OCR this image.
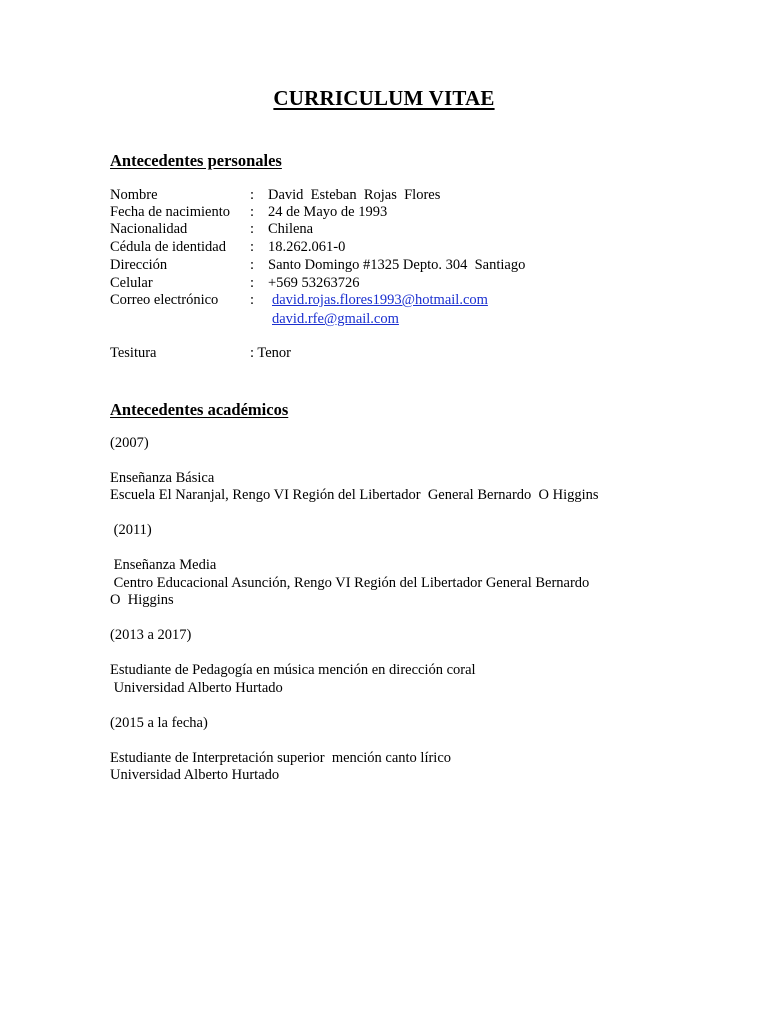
CURRICULUM VITAE
Antecedentes personales
Nombre	: David  Esteban  Rojas  Flores
Fecha de nacimiento : 24 de Mayo de 1993
Nacionalidad	: Chilena
Cédula de identidad : 18.262.061-0
Dirección	: Santo Domingo #1325 Depto. 304  Santiago
Celular	: +569 53263726
Correo electrónico : david.rojas.flores1993@hotmail.com
david.rfe@gmail.com
Tesitura	: Tenor
Antecedentes académicos
(2007)
Enseñanza Básica
Escuela El Naranjal, Rengo VI Región del Libertador  General Bernardo  O Higgins
(2011)
Enseñanza Media
Centro Educacional Asunción, Rengo VI Región del Libertador General Bernardo
O  Higgins
(2013 a 2017)
Estudiante de Pedagogía en música mención en dirección coral
Universidad Alberto Hurtado
(2015 a la fecha)
Estudiante de Interpretación superior  mención canto lírico
Universidad Alberto Hurtado
